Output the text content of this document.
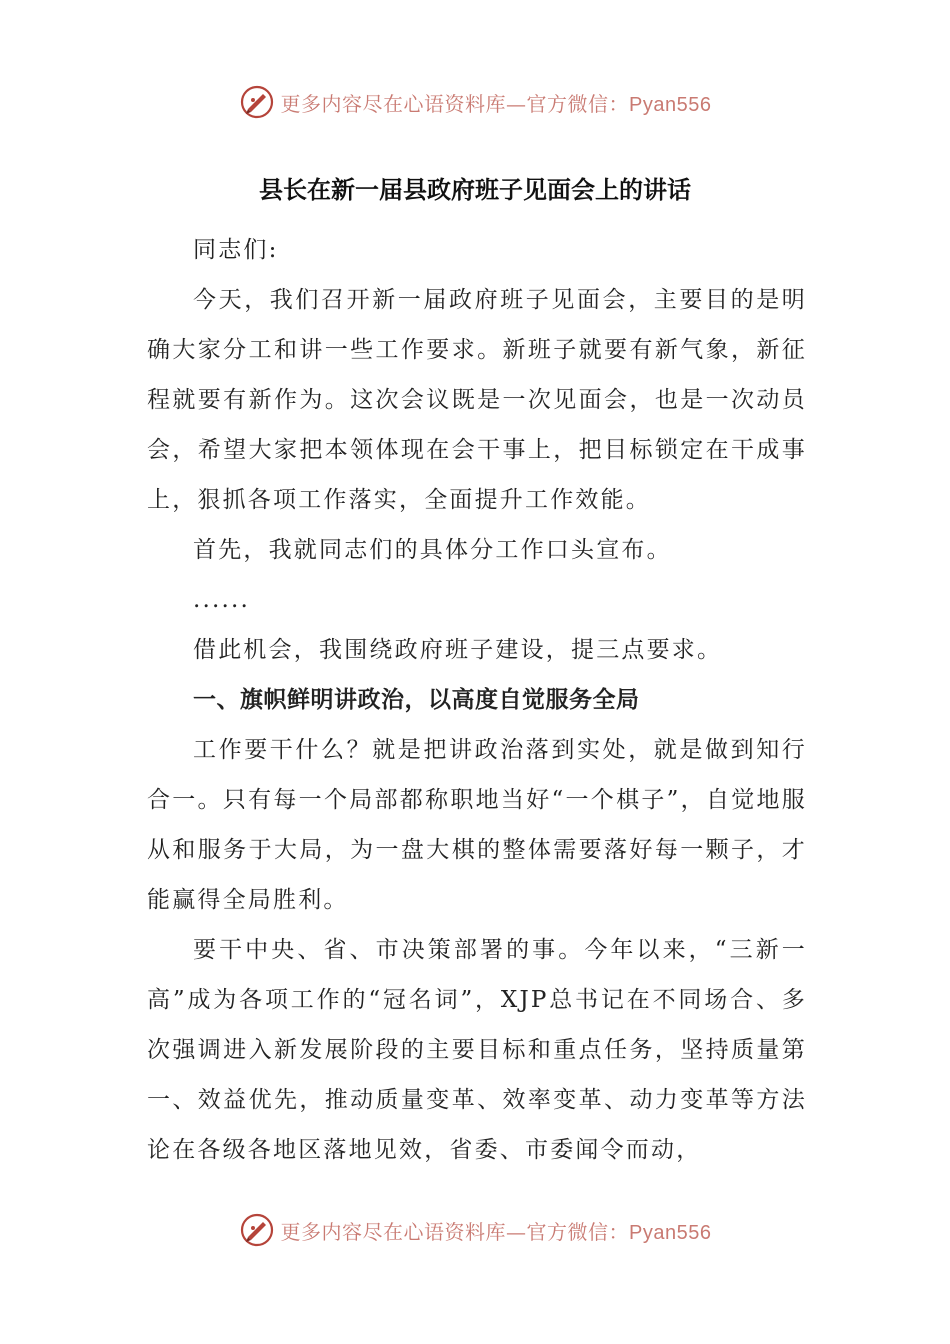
更多内容尽在心语资料库—官方微信：Pyan556
县长在新一届县政府班子见面会上的讲话

同志们:

今天，我们召开新一届政府班子见面会，主要目的是明确大家分工和讲一些工作要求。新班子就要有新气象，新征程就要有新作为。这次会议既是一次见面会，也是一次动员会，希望大家把本领体现在会干事上，把目标锁定在干成事上，狠抓各项工作落实，全面提升工作效能。

首先，我就同志们的具体分工作口头宣布。

......

借此机会，我围绕政府班子建设，提三点要求。

一、旗帜鲜明讲政治，以高度自觉服务全局

工作要干什么？就是把讲政治落到实处，就是做到知行合一。只有每一个局部都称职地当好“一个棋子”，自觉地服从和服务于大局，为一盘大棋的整体需要落好每一颗子，才能赢得全局胜利。

要干中央、省、市决策部署的事。今年以来，“三新一高”成为各项工作的“冠名词”，XJP总书记在不同场合、多次强调进入新发展阶段的主要目标和重点任务，坚持质量第一、效益优先，推动质量变革、效率变革、动力变革等方法论在各级各地区落地见效，省委、市委闻令而动，

更多内容尽在心语资料库—官方微信：Pyan556
